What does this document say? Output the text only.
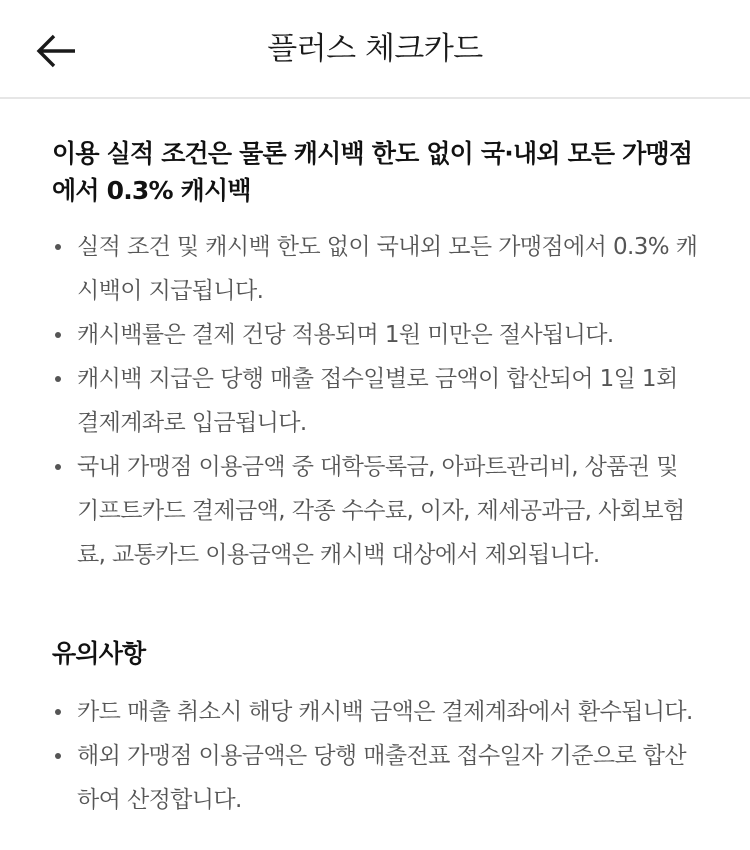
플러스 체크카드
이용 실적 조건은 물론 캐시백 한도 없이 국·내외 모든 가맹점에서 0.3% 캐시백
실적 조건 및 캐시백 한도 없이 국내외 모든 가맹점에서 0.3% 캐시백이 지급됩니다.
캐시백률은 결제 건당 적용되며 1원 미만은 절사됩니다.
캐시백 지급은 당행 매출 접수일별로 금액이 합산되어 1일 1회 결제계좌로 입금됩니다.
국내 가맹점 이용금액 중 대학등록금, 아파트관리비, 상품권 및 기프트카드 결제금액, 각종 수수료, 이자, 제세공과금, 사회보험료, 교통카드 이용금액은 캐시백 대상에서 제외됩니다.
유의사항
카드 매출 취소시 해당 캐시백 금액은 결제계좌에서 환수됩니다.
해외 가맹점 이용금액은 당행 매출전표 접수일자 기준으로 합산하여 산정합니다.
